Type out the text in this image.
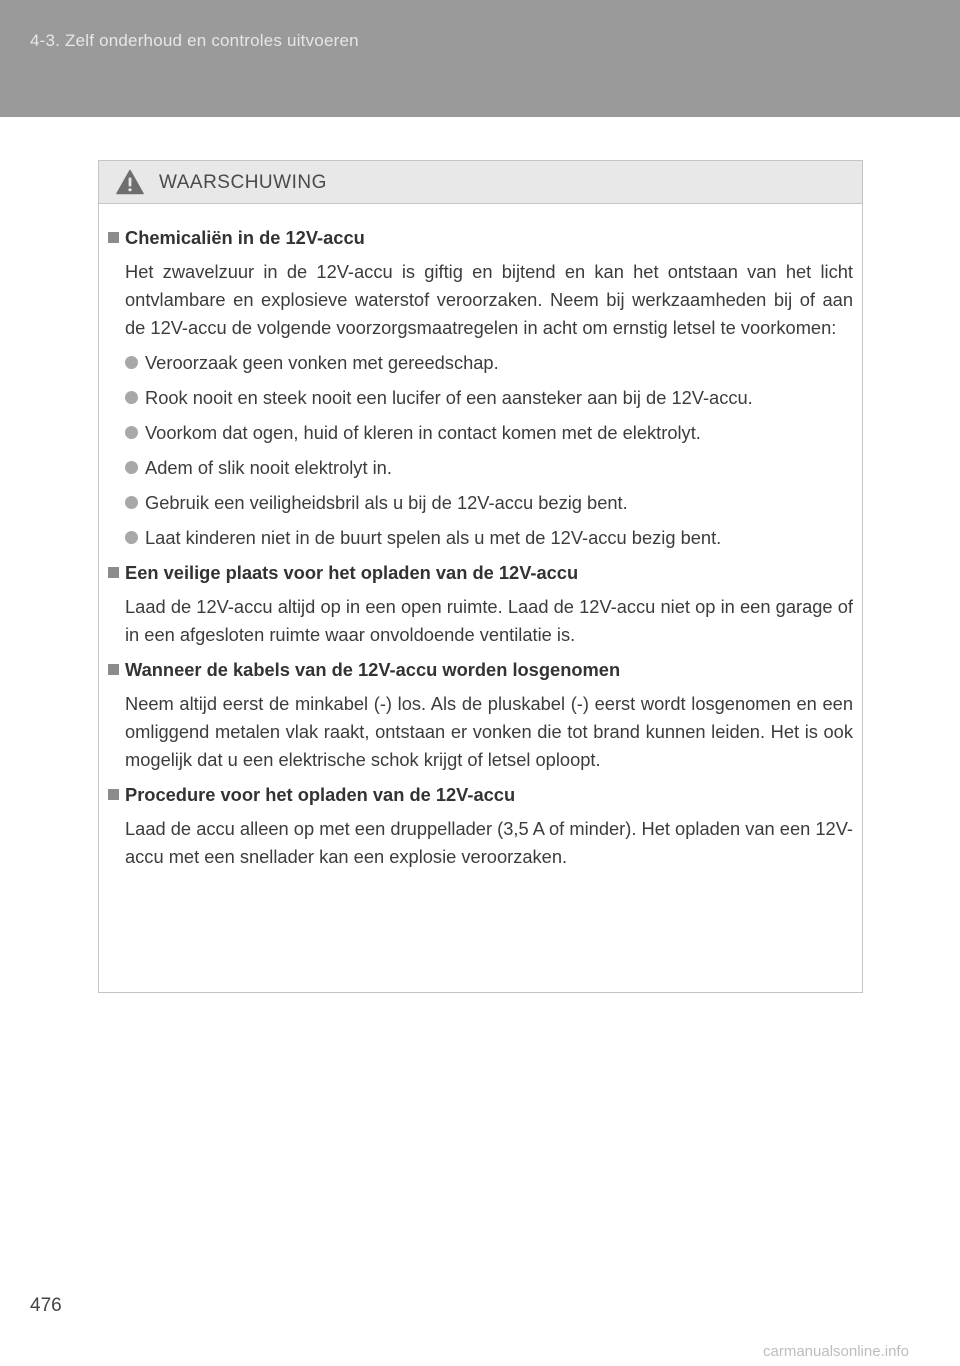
4-3. Zelf onderhoud en controles uitvoeren
WAARSCHUWING
Chemicaliën in de 12V-accu
Het zwavelzuur in de 12V-accu is giftig en bijtend en kan het ontstaan van het licht ontvlambare en explosieve waterstof veroorzaken. Neem bij werkzaamheden bij of aan de 12V-accu de volgende voorzorgsmaatregelen in acht om ernstig letsel te voorkomen:
Veroorzaak geen vonken met gereedschap.
Rook nooit en steek nooit een lucifer of een aansteker aan bij de 12V-accu.
Voorkom dat ogen, huid of kleren in contact komen met de elektrolyt.
Adem of slik nooit elektrolyt in.
Gebruik een veiligheidsbril als u bij de 12V-accu bezig bent.
Laat kinderen niet in de buurt spelen als u met de 12V-accu bezig bent.
Een veilige plaats voor het opladen van de 12V-accu
Laad de 12V-accu altijd op in een open ruimte. Laad de 12V-accu niet op in een garage of in een afgesloten ruimte waar onvoldoende ventilatie is.
Wanneer de kabels van de 12V-accu worden losgenomen
Neem altijd eerst de minkabel (-) los. Als de pluskabel (-) eerst wordt losgenomen en een omliggend metalen vlak raakt, ontstaan er vonken die tot brand kunnen leiden. Het is ook mogelijk dat u een elektrische schok krijgt of letsel oploopt.
Procedure voor het opladen van de 12V-accu
Laad de accu alleen op met een druppellader (3,5 A of minder). Het opladen van een 12V-accu met een snellader kan een explosie veroorzaken.
476
carmanualsonline.info
